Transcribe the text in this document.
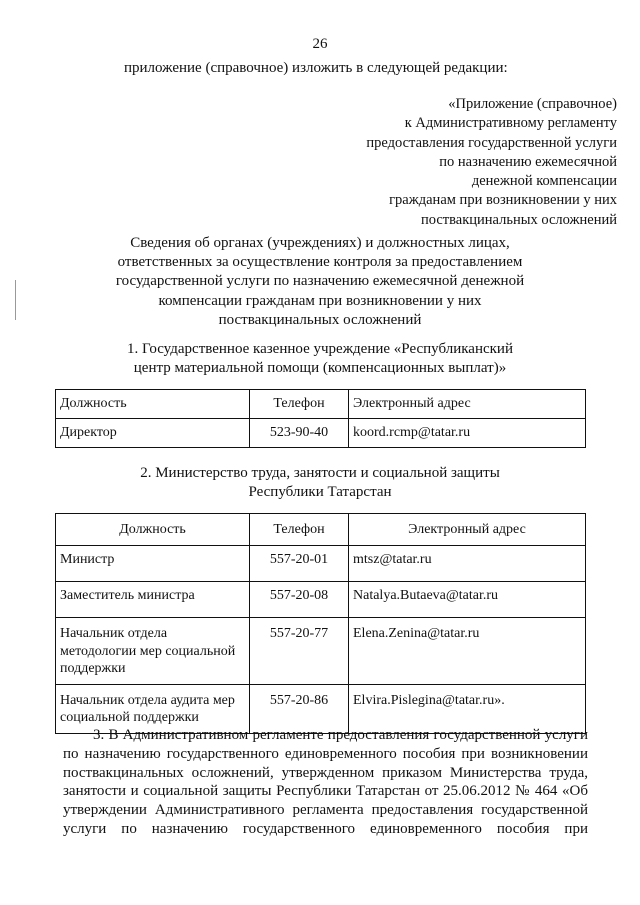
26
приложение (справочное) изложить в следующей редакции:
«Приложение (справочное)
к Административному регламенту
предоставления государственной услуги
по назначению ежемесячной
денежной компенсации
гражданам при возникновении у них
поствакцинальных осложнений
Сведения об органах (учреждениях) и должностных лицах,
ответственных за осуществление контроля за предоставлением
государственной услуги по назначению ежемесячной денежной
компенсации гражданам при возникновении у них
поствакцинальных осложнений
1. Государственное казенное учреждение «Республиканский
центр материальной помощи (компенсационных выплат)»
Должность	Телефон	Электронный адрес
Директор	523-90-40	koord.rcmp@tatar.ru
2. Министерство труда, занятости и социальной защиты
Республики Татарстан
Должность	Телефон	Электронный адрес
Министр	557-20-01	mtsz@tatar.ru
Заместитель министра	557-20-08	Natalya.Butaeva@tatar.ru
Начальник отдела методологии мер социальной поддержки	557-20-77	Elena.Zenina@tatar.ru
Начальник отдела аудита мер социальной поддержки	557-20-86	Elvira.Pislegina@tatar.ru».
3. В Административном регламенте предоставления государственной услуги по назначению государственного единовременного пособия при возникновении поствакцинальных осложнений, утвержденном приказом Министерства труда, занятости и социальной защиты Республики Татарстан от 25.06.2012 № 464 «Об утверждении Административного регламента предоставления государственной услуги по назначению государственного единовременного пособия при
